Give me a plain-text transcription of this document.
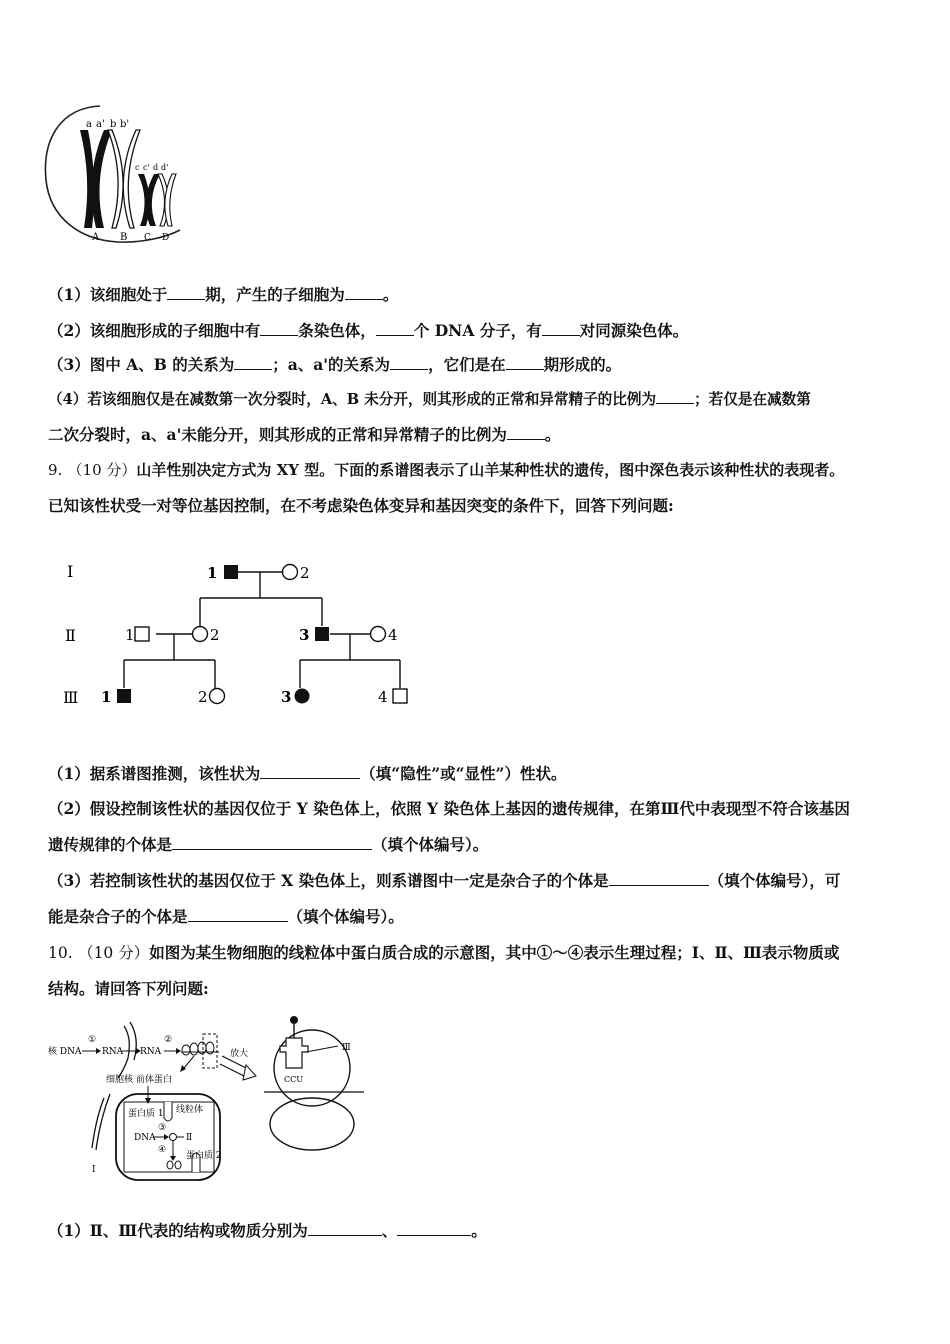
a a' b b'
c c' d d'
A B C D
（1）该细胞处于 期，产生的子细胞为 。
（2）该细胞形成的子细胞中有 条染色体， 个 DNA 分子，有 对同源染色体。
（3）图中 A、B 的关系为 ；a、a'的关系为 ，它们是在 期形成的。
（4）若该细胞仅是在减数第一次分裂时，A、B 未分开，则其形成的正常和异常精子的比例为	；若仅是在减数第
二次分裂时，a、a'未能分开，则其形成的正常和异常精子的比例为 。
9. （10 分）山羊性别决定方式为 XY 型。下面的系谱图表示了山羊某种性状的遗传，图中深色表示该种性状的表现者。
已知该性状受一对等位基因控制，在不考虑染色体变异和基因突变的条件下，回答下列问题:
Ⅰ
Ⅱ
Ⅲ
1	2
1	2	3	4
1	2	3	4
（1）据系谱图推测，该性状为	（填“隐性”或“显性”）性状。
（2）假设控制该性状的基因仅位于 Y 染色体上，依照 Y 染色体上基因的遗传规律，在第Ⅲ代中表现型不符合该基因
遗传规律的个体是	（填个体编号）。
（3）若控制该性状的基因仅位于 X 染色体上，则系谱图中一定是杂合子的个体是	（填个体编号），可
能是杂合子的个体是	（填个体编号）。
10. （10 分）如图为某生物细胞的线粒体中蛋白质合成的示意图，其中①～④表示生理过程；Ⅰ、Ⅱ、Ⅲ表示物质或
结构。请回答下列问题:
核 DNA
①
RNA RNA
②
细胞核 前体蛋白
放大
Ⅰ
蛋白质 1 线粒体
DNA
③
Ⅱ
④
蛋白质 2
CCU
Ⅲ
（1）Ⅱ、Ⅲ代表的结构或物质分别为	、	。
